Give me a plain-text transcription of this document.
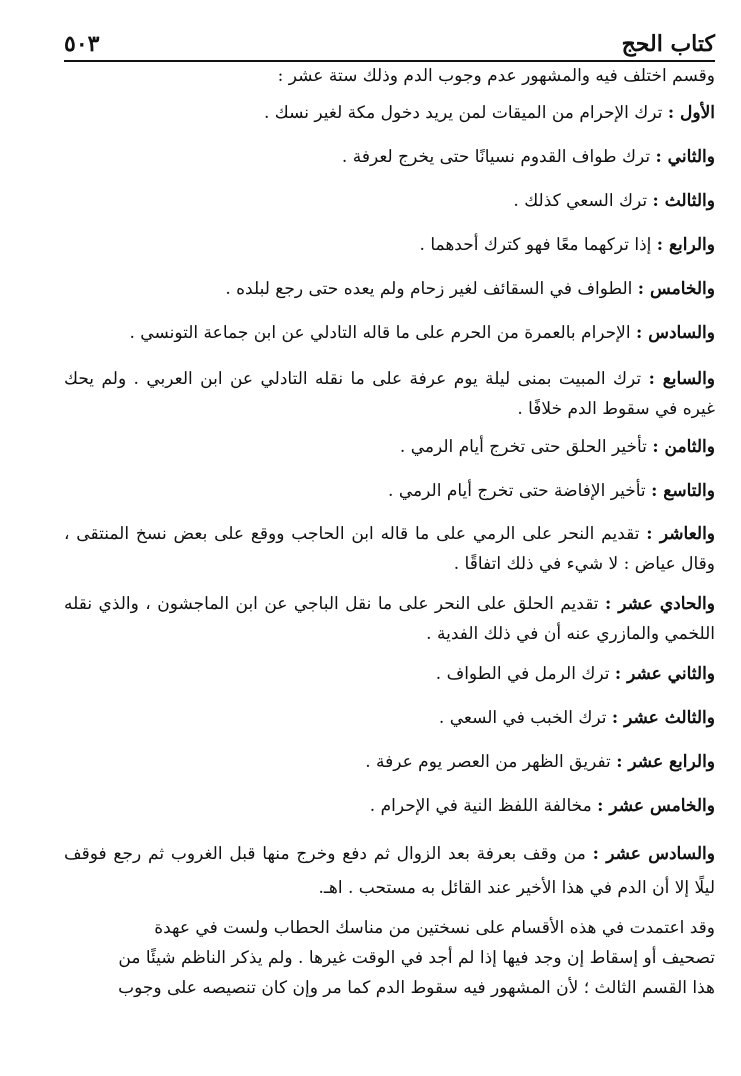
كتاب الحج
٥٠٣

وقسم اختلف فيه والمشهور عدم وجوب الدم وذلك ستة عشر :

الأول : ترك الإحرام من الميقات لمن يريد دخول مكة لغير نسك .

والثاني : ترك طواف القدوم نسيانًا حتى يخرج لعرفة .

والثالث : ترك السعي كذلك .

والرابع : إذا تركهما معًا فهو كترك أحدهما .

والخامس : الطواف في السقائف لغير زحام ولم يعده حتى رجع لبلده .

والسادس : الإحرام بالعمرة من الحرم على ما قاله التادلي عن ابن جماعة التونسي .

والسابع : ترك المبيت بمنى ليلة يوم عرفة على ما نقله التادلي عن ابن العربي . ولم يحك غيره في سقوط الدم خلافًا .

والثامن : تأخير الحلق حتى تخرج أيام الرمي .

والتاسع : تأخير الإفاضة حتى تخرج أيام الرمي .

والعاشر : تقديم النحر على الرمي على ما قاله ابن الحاجب ووقع على بعض نسخ المنتقى ، وقال عياض : لا شيء في ذلك اتفاقًا .

والحادي عشر : تقديم الحلق على النحر على ما نقل الباجي عن ابن الماجشون ، والذي نقله اللخمي والمازري عنه أن في ذلك الفدية .

والثاني عشر : ترك الرمل في الطواف .

والثالث عشر : ترك الخبب في السعي .

والرابع عشر : تفريق الظهر من العصر يوم عرفة .

والخامس عشر : مخالفة اللفظ النية في الإحرام .

والسادس عشر : من وقف بعرفة بعد الزوال ثم دفع وخرج منها قبل الغروب ثم رجع فوقف ليلًا إلا أن الدم في هذا الأخير عند القائل به مستحب . اهـ.

وقد اعتمدت في هذه الأقسام على نسختين من مناسك الحطاب ولست في عهدة
تصحيف أو إسقاط إن وجد فيها إذا لم أجد في الوقت غيرها . ولم يذكر الناظم شيئًا من
هذا القسم الثالث ؛ لأن المشهور فيه سقوط الدم كما مر وإن كان تنصيصه على وجوب
